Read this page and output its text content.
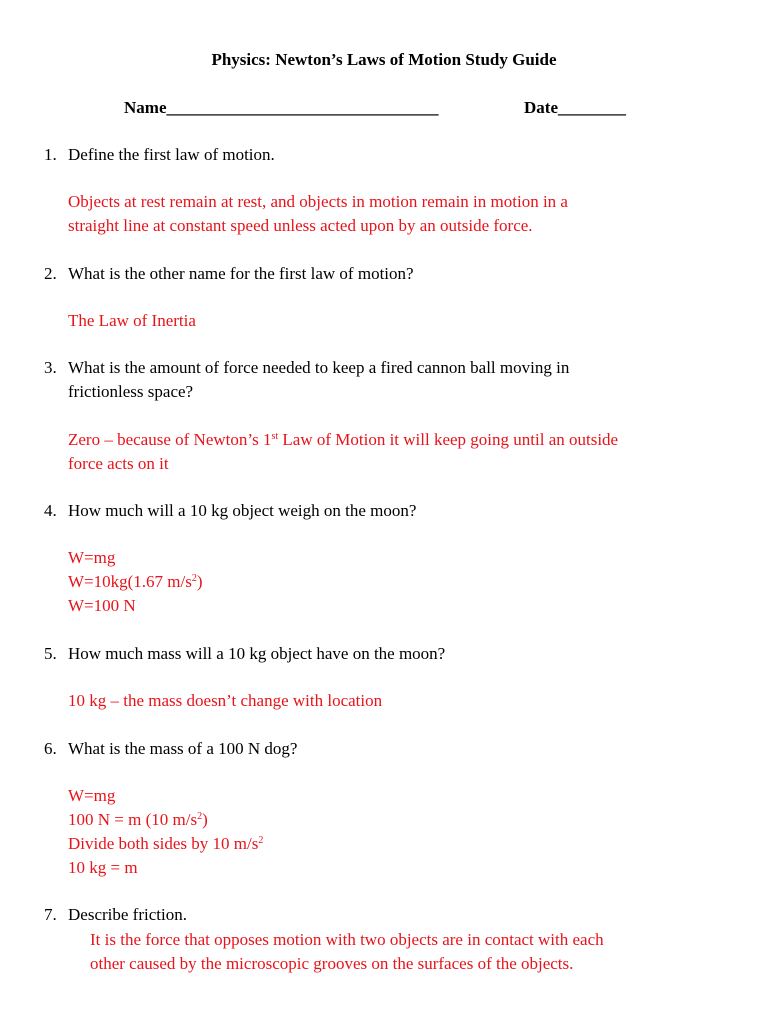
Physics: Newton’s Laws of Motion Study Guide
Name________________________________	Date________
1. Define the first law of motion.
Objects at rest remain at rest, and objects in motion remain in motion in a
straight line at constant speed unless acted upon by an outside force.
2. What is the other name for the first law of motion?
The Law of Inertia
3. What is the amount of force needed to keep a fired cannon ball moving in
frictionless space?
Zero – because of Newton’s 1st Law of Motion it will keep going until an outside
force acts on it
4. How much will a 10 kg object weigh on the moon?
W=mg
W=10kg(1.67 $m/s^2$)
W=100 N
5. How much mass will a 10 kg object have on the moon?
10 kg – the mass doesn’t change with location
6. What is the mass of a 100 N dog?
W=mg
100 N = m (10 $m/s^2$)
Divide both sides by 10 $m/s^2$
10 kg = m
7. Describe friction.
It is the force that opposes motion with two objects are in contact with each
other caused by the microscopic grooves on the surfaces of the objects.
